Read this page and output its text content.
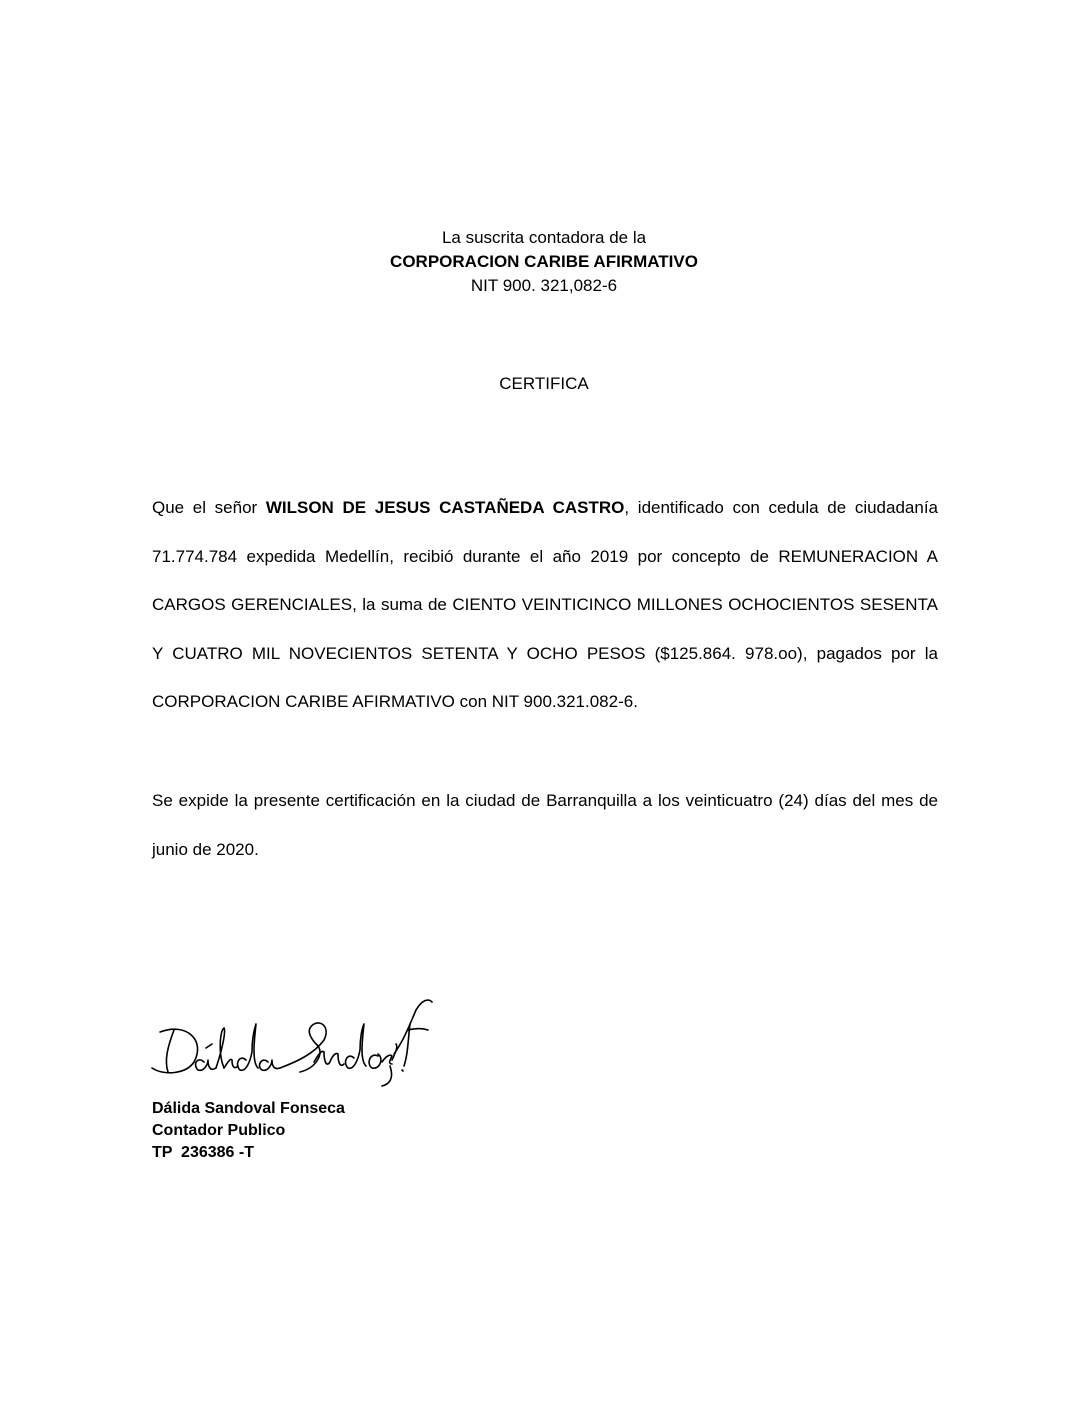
La suscrita contadora de la
CORPORACION CARIBE AFIRMATIVO
NIT 900. 321,082-6
CERTIFICA
Que el señor WILSON DE JESUS CASTAÑEDA CASTRO, identificado con cedula de ciudadanía 71.774.784 expedida Medellín, recibió durante el año 2019 por concepto de REMUNERACION A CARGOS GERENCIALES, la suma de CIENTO VEINTICINCO MILLONES OCHOCIENTOS SESENTA Y CUATRO MIL NOVECIENTOS SETENTA Y OCHO PESOS ($125.864. 978.oo), pagados por la CORPORACION CARIBE AFIRMATIVO con NIT 900.321.082-6.
Se expide la presente certificación en la ciudad de Barranquilla a los veinticuatro (24) días del mes de junio de 2020.
Dálida Sandoval Fonseca
Contador Publico
TP  236386 -T
